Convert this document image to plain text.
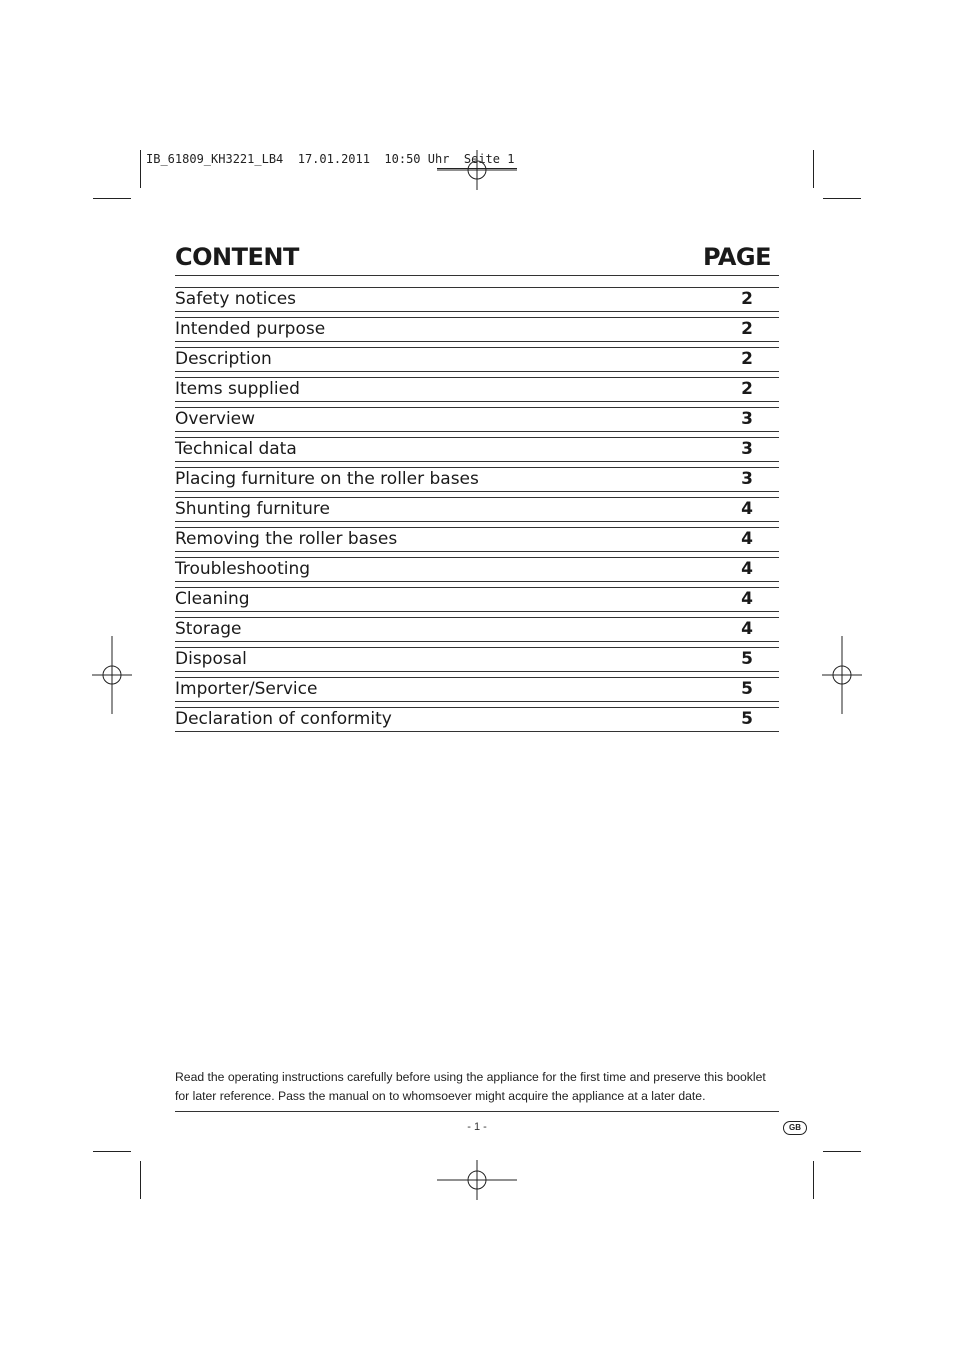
IB_61809_KH3221_LB4  17.01.2011  10:50 Uhr  Seite 1
CONTENT	PAGE
Safety notices	2
Intended purpose	2
Description	2
Items supplied	2
Overview	3
Technical data	3
Placing furniture on the roller bases	3
Shunting furniture	4
Removing the roller bases	4
Troubleshooting	4
Cleaning	4
Storage	4
Disposal	5
Importer/Service	5
Declaration of conformity	5
Read the operating instructions carefully before using the appliance for the first time and preserve this booklet for later reference. Pass the manual on to whomsoever might acquire the appliance at a later date.
- 1 -	GB
